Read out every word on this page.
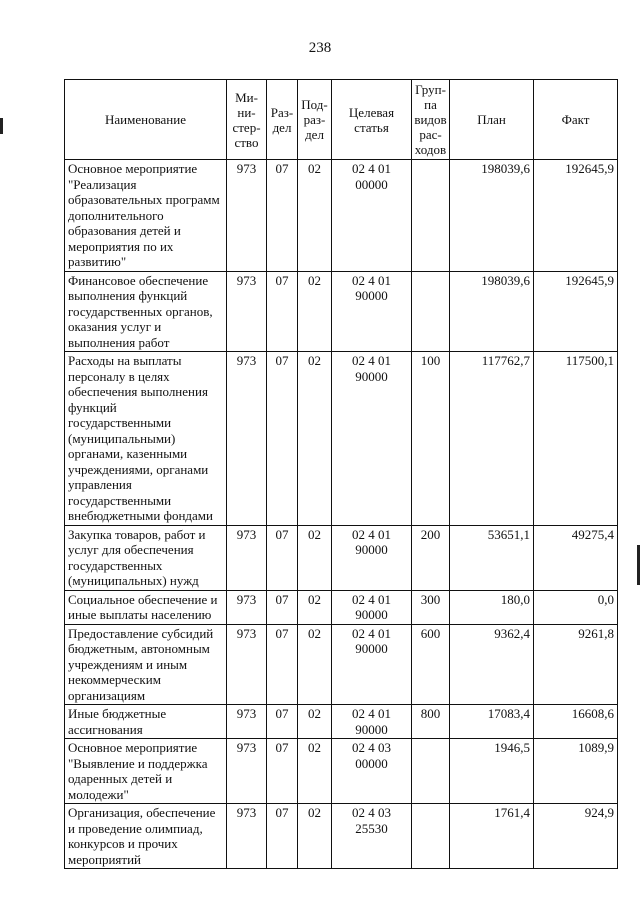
238
Наименование	Ми-
ни-
стер-
ство	Раз-
дел	Под-
раз-
дел	Целевая
статья	Груп-
па
видов
рас-
ходов	План	Факт
Основное мероприятие "Реализация образовательных программ дополнительного образования детей и мероприятия по их развитию"	973	07	02	02 4 01 00000		198039,6	192645,9
Финансовое обеспечение выполнения функций государственных органов, оказания услуг и выполнения работ	973	07	02	02 4 01 90000		198039,6	192645,9
Расходы на выплаты персоналу в целях обеспечения выполнения функций государственными (муниципальными) органами, казенными учреждениями, органами управления государственными внебюджетными фондами	973	07	02	02 4 01 90000	100	117762,7	117500,1
Закупка товаров, работ и услуг для обеспечения государственных (муниципальных) нужд	973	07	02	02 4 01 90000	200	53651,1	49275,4
Социальное обеспечение и иные выплаты населению	973	07	02	02 4 01 90000	300	180,0	0,0
Предоставление субсидий бюджетным, автономным учреждениям и иным некоммерческим организациям	973	07	02	02 4 01 90000	600	9362,4	9261,8
Иные бюджетные ассигнования	973	07	02	02 4 01 90000	800	17083,4	16608,6
Основное мероприятие "Выявление и поддержка одаренных детей и молодежи"	973	07	02	02 4 03 00000		1946,5	1089,9
Организация, обеспечение и проведение олимпиад, конкурсов и прочих мероприятий	973	07	02	02 4 03 25530		1761,4	924,9
